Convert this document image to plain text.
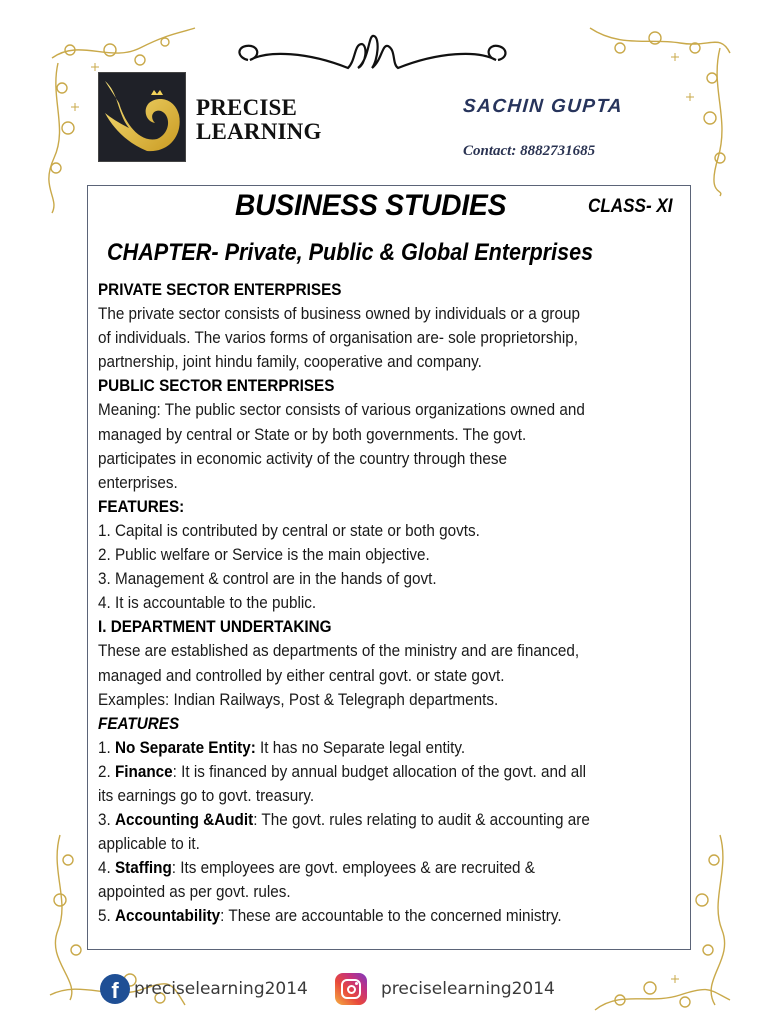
PRECISE
LEARNING
SACHIN GUPTA
Contact: 8882731685
BUSINESS STUDIES	CLASS- XI
CHAPTER- Private, Public & Global Enterprises
PRIVATE SECTOR ENTERPRISES
The private sector consists of business owned by individuals or a group
of individuals. The varios forms of organisation are- sole proprietorship,
partnership, joint hindu family, cooperative and company.
PUBLIC SECTOR ENTERPRISES
Meaning: The public sector consists of various organizations owned and
managed by central or State or by both governments. The govt.
participates in economic activity of the country through these
enterprises.
FEATURES:
1. Capital is contributed by central or state or both govts.
2. Public welfare or Service is the main objective.
3. Management & control are in the hands of govt.
4. It is accountable to the public.
I. DEPARTMENT UNDERTAKING
These are established as departments of the ministry and are financed,
managed and controlled by either central govt. or state govt.
Examples: Indian Railways, Post & Telegraph departments.
FEATURES
1. No Separate Entity: It has no Separate legal entity.
2. Finance: It is financed by annual budget allocation of the govt. and all
its earnings go to govt. treasury.
3. Accounting &Audit: The govt. rules relating to audit & accounting are
applicable to it.
4. Staffing: Its employees are govt. employees & are recruited &
appointed as per govt. rules.
5. Accountability: These are accountable to the concerned ministry.
f preciselearning2014	preciselearning2014
